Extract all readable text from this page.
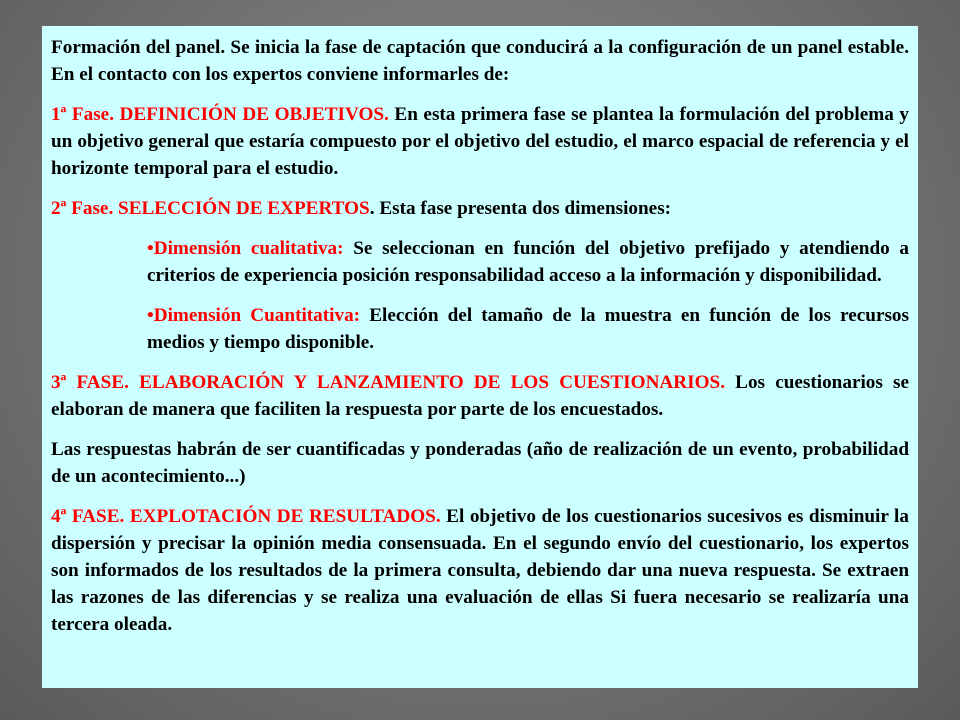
Formación del panel. Se inicia la fase de captación que conducirá a la configuración de un panel estable. En el contacto con los expertos conviene informarles de:

1ª Fase. DEFINICIÓN DE OBJETIVOS. En esta primera fase se plantea la formulación del problema y un objetivo general que estaría compuesto por el objetivo del estudio, el marco espacial de referencia y el horizonte temporal para el estudio.

2ª Fase. SELECCIÓN DE EXPERTOS. Esta fase presenta dos dimensiones:

•Dimensión cualitativa: Se seleccionan en función del objetivo prefijado y atendiendo a criterios de experiencia posición responsabilidad acceso a la información y disponibilidad.

•Dimensión Cuantitativa: Elección del tamaño de la muestra en función de los recursos medios y tiempo disponible.

3ª FASE. ELABORACIÓN Y LANZAMIENTO DE LOS CUESTIONARIOS. Los cuestionarios se elaboran de manera que faciliten la respuesta por parte de los encuestados.

Las respuestas habrán de ser cuantificadas y ponderadas (año de realización de un evento, probabilidad de un acontecimiento...)

4ª FASE. EXPLOTACIÓN DE RESULTADOS. El objetivo de los cuestionarios sucesivos es disminuir la dispersión y precisar la opinión media consensuada. En el segundo envío del cuestionario, los expertos son informados de los resultados de la primera consulta, debiendo dar una nueva respuesta. Se extraen las razones de las diferencias y se realiza una evaluación de ellas Si fuera necesario se realizaría una tercera oleada.
